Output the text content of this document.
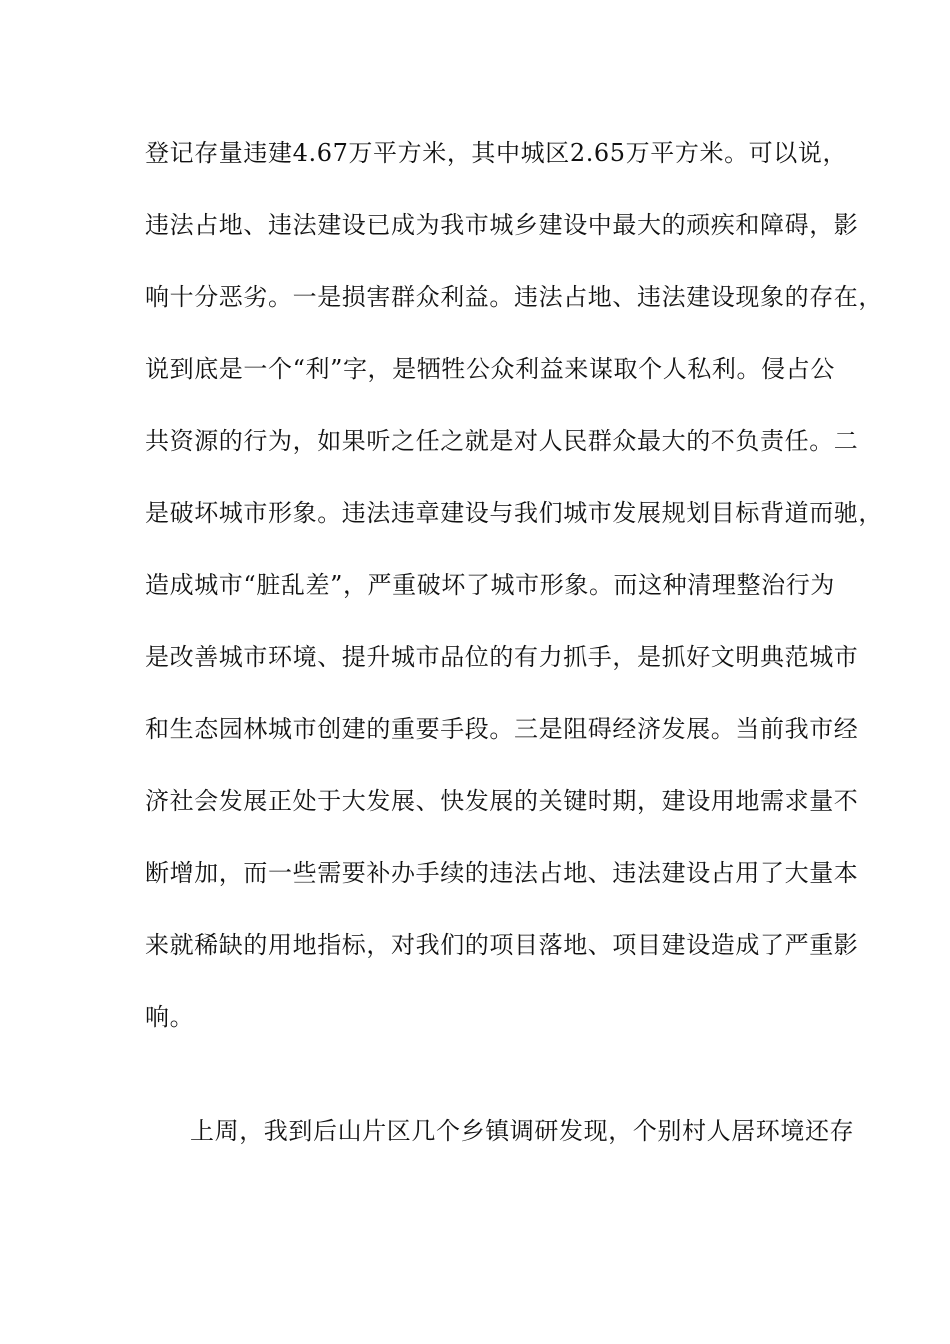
登记存量违建4.67万平方米，其中城区2.65万平方米。可以说，
违法占地、违法建设已成为我市城乡建设中最大的顽疾和障碍，影
响十分恶劣。一是损害群众利益。违法占地、违法建设现象的存在，
说到底是一个“利”字，是牺牲公众利益来谋取个人私利。侵占公
共资源的行为，如果听之任之就是对人民群众最大的不负责任。二
是破坏城市形象。违法违章建设与我们城市发展规划目标背道而驰，
造成城市“脏乱差”，严重破坏了城市形象。而这种清理整治行为
是改善城市环境、提升城市品位的有力抓手，是抓好文明典范城市
和生态园林城市创建的重要手段。三是阻碍经济发展。当前我市经
济社会发展正处于大发展、快发展的关键时期，建设用地需求量不
断增加，而一些需要补办手续的违法占地、违法建设占用了大量本
来就稀缺的用地指标，对我们的项目落地、项目建设造成了严重影
响。
上周，我到后山片区几个乡镇调研发现，个别村人居环境还存
